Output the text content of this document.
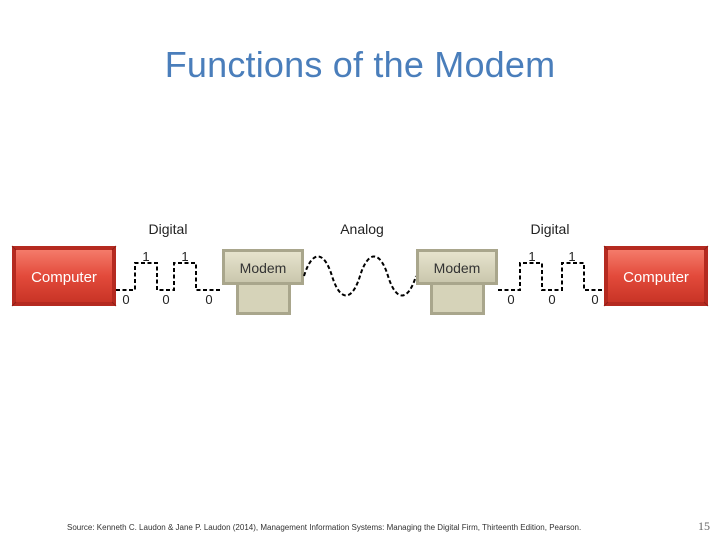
Functions of the Modem
Computer
Digital
1 1
0	0	0
Modem
Analog
Modem
Digital
1	1
0	0	0
Computer
Source: Kenneth C. Laudon & Jane P. Laudon (2014), Management Information Systems: Managing the Digital Firm, Thirteenth Edition, Pearson.	15
